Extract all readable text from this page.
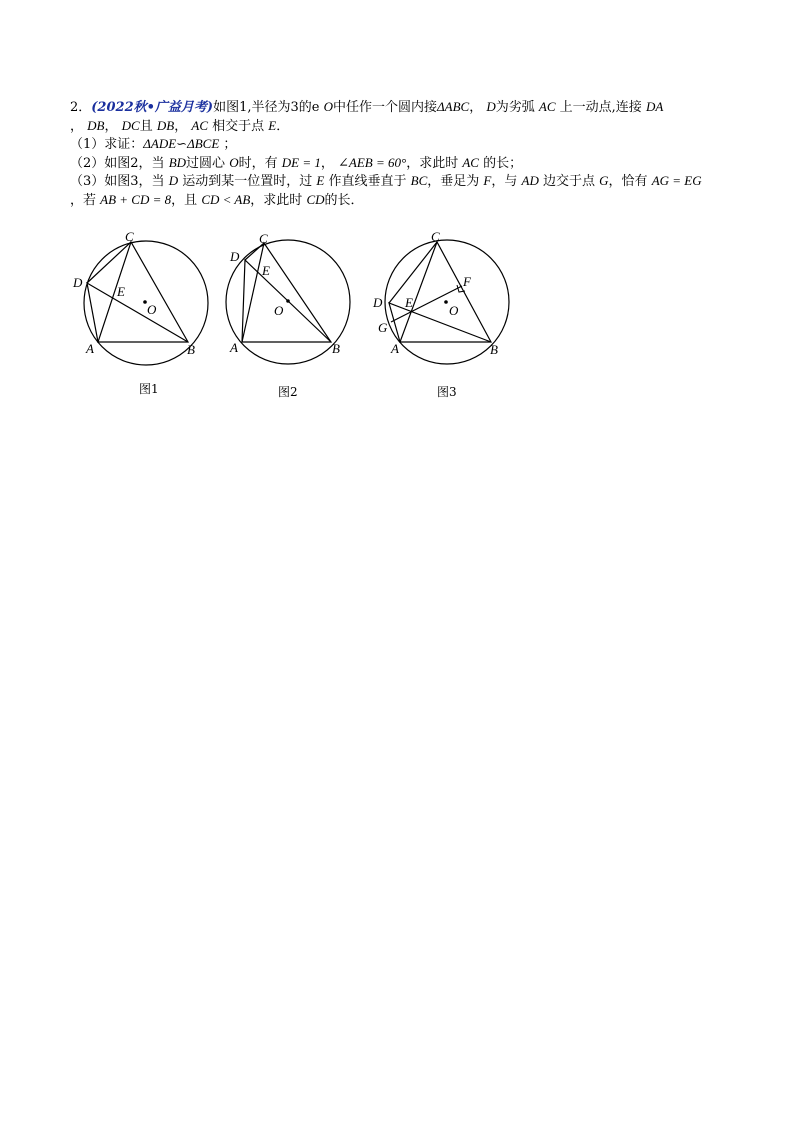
2．(2022秋•广益月考)如图1,半径为3的e O中任作一个圆内接ΔABC， D为劣弧 AC 上一动点,连接 DA
， DB， DC且 DB， AC 相交于点 E．
（1）求证：ΔADE∽ΔBCE ；
（2）如图2，当 BD过圆心 O时，有 DE = 1， ∠AEB = 60°，求此时 AC 的长；
（3）如图3，当 D 运动到某一位置时，过 E 作直线垂直于 BC，垂足为 F，与 AD 边交于点 G，恰有 AG = EG
，若 AB + CD = 8，且 CD < AB，求此时 CD的长．
C
D
E
O
A	B
C
D
E
O
A	B
C
F
D E
O
G
A	B
图1	图2	图3
